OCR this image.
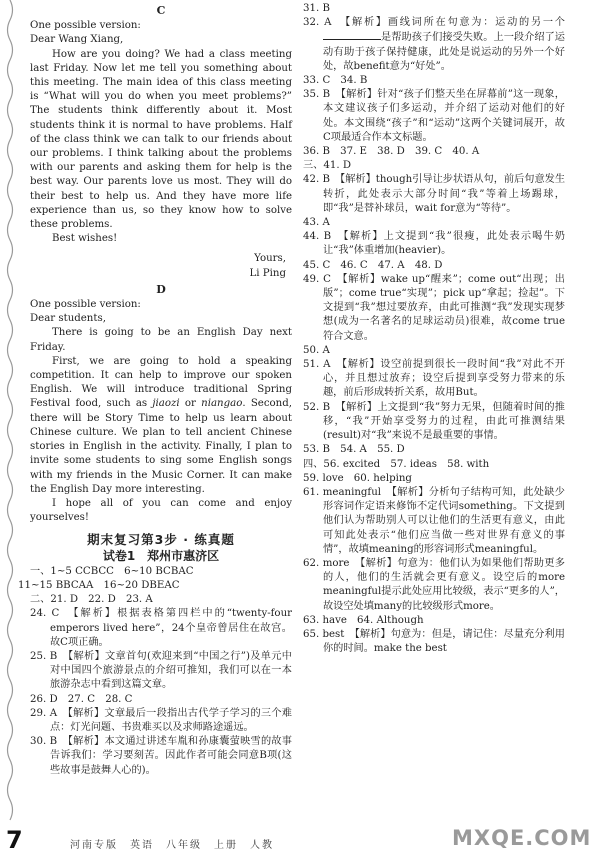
C

One possible version:

Dear Wang Xiang,

How are you doing? We had a class meeting last Friday. Now let me tell you something about this meeting. The main idea of this class meeting is “What will you do when you meet problems?” The students think differently about it. Most students think it is normal to have problems. Half of the class think we can talk to our friends about our problems. I think talking about the problems with our parents and asking them for help is the best way. Our parents love us most. They will do their best to help us. And they have more life experience than us, so they know how to solve these problems.

Best wishes!

Yours,
Li Ping
D

One possible version:

Dear students,

There is going to be an English Day next Friday.

First, we are going to hold a speaking competition. It can help to improve our spoken English. We will introduce traditional Spring Festival food, such as jiaozi or niangao. Second, there will be Story Time to help us learn about Chinese culture. We plan to tell ancient Chinese stories in English in the activity. Finally, I plan to invite some students to sing some English songs with my friends in the Music Corner. It can make the English Day more interesting.

I hope all of you can come and enjoy yourselves!

期末复习第3步 · 练真题
试卷1　郑州市惠济区

一、1~5 CCBCC　6~10 BCBAC

11~15 BBCAA　16~20 DBEAC

二、21. D　22. D　23. A

24. C　【解析】根据表格第四栏中的“twenty-four emperors lived here”，24个皇帝曾居住在故宫。故C项正确。

25. B　【解析】文章首句(欢迎来到“中国之行”)及单元中对中国四个旅游景点的介绍可推知，我们可以在一本旅游杂志中看到这篇文章。

26. D　27. C　28. C

29. A　【解析】文章最后一段指出古代学子学习的三个难点：灯光问题、书贵难买以及求师路途遥远。

30. B　【解析】本文通过讲述车胤和孙康囊萤映雪的故事告诉我们：学习要刻苦。因此作者可能会同意B项(这些故事是鼓舞人心的)。

31. B

32. A　【解析】画线词所在句意为：运动的另一个是帮助孩子们接受失败。上一段介绍了运动有助于孩子保持健康，此处是说运动的另外一个好处，故benefit意为“好处”。

33. C　34. B

35. B　【解析】针对“孩子们整天坐在屏幕前”这一现象，本文建议孩子们多运动，并介绍了运动对他们的好处。本文围绕“孩子”和“运动”这两个关键词展开，故C项最适合作本文标题。

36. B　37. E　38. D　39. C　40. A

三、41. D

42. B　【解析】though引导让步状语从句，前后句意发生转折，此处表示大部分时间“我”等着上场踢球，即“我”是替补球员，wait for意为“等待”。

43. A

44. B　【解析】上文提到“我”很瘦，此处表示喝牛奶让“我”体重增加(heavier)。

45. C　46. C　47. A　48. D

49. C　【解析】wake up“醒来”；come out“出现；出版”；come true“实现”；pick up“拿起；捡起”。下文提到“我”想过要放弃，由此可推测“我”发现实现梦想(成为一名著名的足球运动员)很难，故come true符合文意。

50. A

51. A　【解析】设空前提到很长一段时间“我”对此不开心，并且想过放弃；设空后提到享受努力带来的乐趣，前后形成转折关系，故用But。

52. B　【解析】上文提到“我”努力无果，但随着时间的推移，“我”开始享受努力的过程，由此可推测结果(result)对“我”来说不是最重要的事情。

53. B　54. A　55. D

四、56. excited　57. ideas　58. with

59. love　60. helping

61. meaningful　【解析】分析句子结构可知，此处缺少形容词作定语来修饰不定代词something。下文提到他们认为帮助别人可以让他们的生活更有意义，由此可知此处表示“他们应当做一些对世界有意义的事情”，故填meaning的形容词形式meaningful。

62. more　【解析】句意为：他们认为如果他们帮助更多的人，他们的生活就会更有意义。设空后的more meaningful提示此处应用比较级，表示“更多的人”，故设空处填many的比较级形式more。

63. have　64. Although

65. best　【解析】句意为：但是，请记住：尽量充分利用你的时间。make the best

7	河南专版　英语　八年级　上册　人教	MXQE.COM
